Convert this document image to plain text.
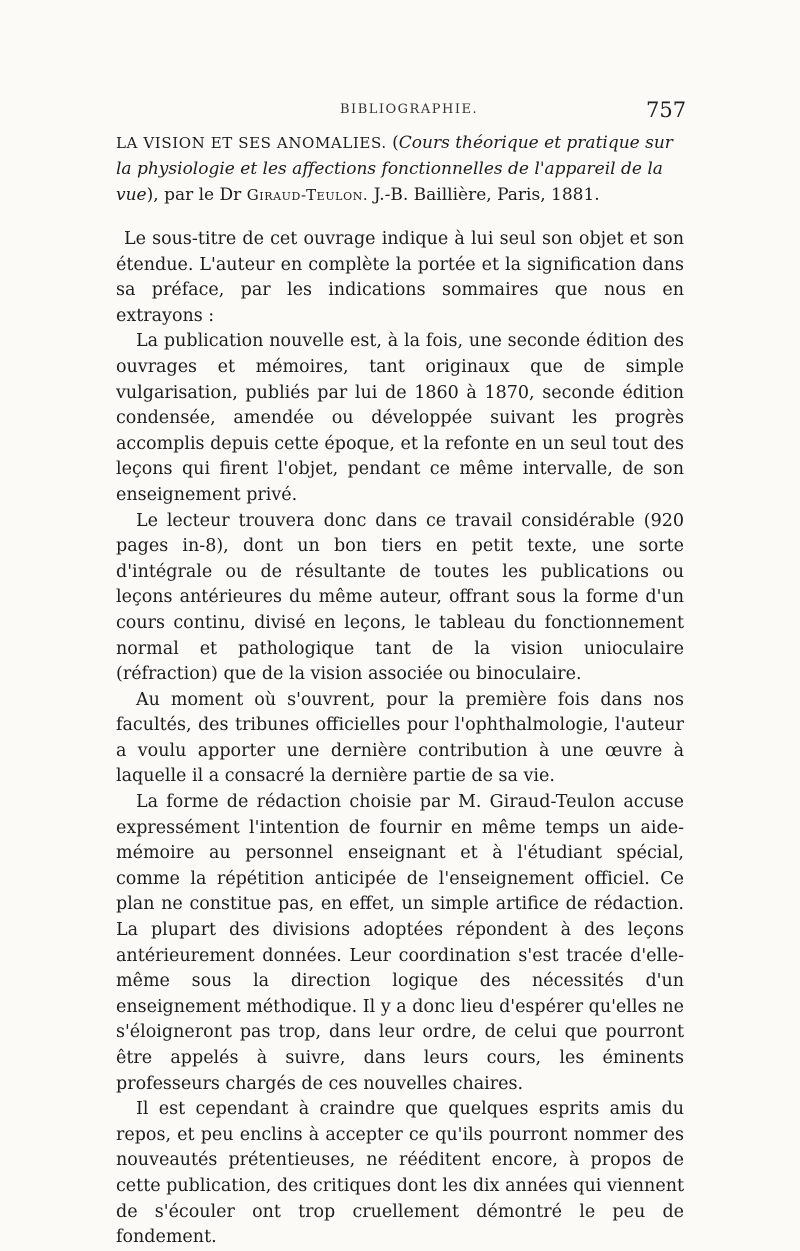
BIBLIOGRAPHIE.	757
LA VISION ET SES ANOMALIES. (Cours théorique et pratique sur la physiologie et les affections fonctionnelles de l'appareil de la vue), par le Dr Giraud-Teulon. J.-B. Baillière, Paris, 1881.

Le sous-titre de cet ouvrage indique à lui seul son objet et son étendue. L'auteur en complète la portée et la signification dans sa préface, par les indications sommaires que nous en extrayons :

La publication nouvelle est, à la fois, une seconde édition des ouvrages et mémoires, tant originaux que de simple vulgarisation, publiés par lui de 1860 à 1870, seconde édition condensée, amendée ou développée suivant les progrès accomplis depuis cette époque, et la refonte en un seul tout des leçons qui firent l'objet, pendant ce même intervalle, de son enseignement privé.

Le lecteur trouvera donc dans ce travail considérable (920 pages in-8), dont un bon tiers en petit texte, une sorte d'intégrale ou de résultante de toutes les publications ou leçons antérieures du même auteur, offrant sous la forme d'un cours continu, divisé en leçons, le tableau du fonctionnement normal et pathologique tant de la vision unioculaire (réfraction) que de la vision associée ou binoculaire.

Au moment où s'ouvrent, pour la première fois dans nos facultés, des tribunes officielles pour l'ophthalmologie, l'auteur a voulu apporter une dernière contribution à une œuvre à laquelle il a consacré la dernière partie de sa vie.

La forme de rédaction choisie par M. Giraud-Teulon accuse expressément l'intention de fournir en même temps un aide-mémoire au personnel enseignant et à l'étudiant spécial, comme la répétition anticipée de l'enseignement officiel. Ce plan ne constitue pas, en effet, un simple artifice de rédaction. La plupart des divisions adoptées répondent à des leçons antérieurement données. Leur coordination s'est tracée d'elle-même sous la direction logique des nécessités d'un enseignement méthodique. Il y a donc lieu d'espérer qu'elles ne s'éloigneront pas trop, dans leur ordre, de celui que pourront être appelés à suivre, dans leurs cours, les éminents professeurs chargés de ces nouvelles chaires.

Il est cependant à craindre que quelques esprits amis du repos, et peu enclins à accepter ce qu'ils pourront nommer des nouveautés prétentieuses, ne rééditent encore, à propos de cette publication, des critiques dont les dix années qui viennent de s'écouler ont trop cruellement démontré le peu de fondement.
